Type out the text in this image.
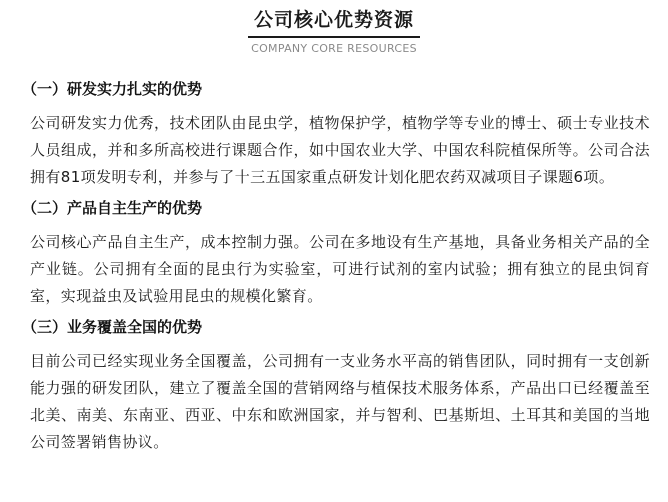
公司核心优势资源
COMPANY CORE RESOURCES
（一）研发实力扎实的优势
公司研发实力优秀，技术团队由昆虫学，植物保护学，植物学等专业的博士、硕士专业技术人员组成，并和多所高校进行课题合作，如中国农业大学、中国农科院植保所等。公司合法拥有81项发明专利，并参与了十三五国家重点研发计划化肥农药双减项目子课题6项。
（二）产品自主生产的优势
公司核心产品自主生产，成本控制力强。公司在多地设有生产基地，具备业务相关产品的全产业链。公司拥有全面的昆虫行为实验室，可进行试剂的室内试验；拥有独立的昆虫饲育室，实现益虫及试验用昆虫的规模化繁育。
（三）业务覆盖全国的优势
目前公司已经实现业务全国覆盖，公司拥有一支业务水平高的销售团队，同时拥有一支创新能力强的研发团队，建立了覆盖全国的营销网络与植保技术服务体系，产品出口已经覆盖至北美、南美、东南亚、西亚、中东和欧洲国家，并与智利、巴基斯坦、土耳其和美国的当地公司签署销售协议。
